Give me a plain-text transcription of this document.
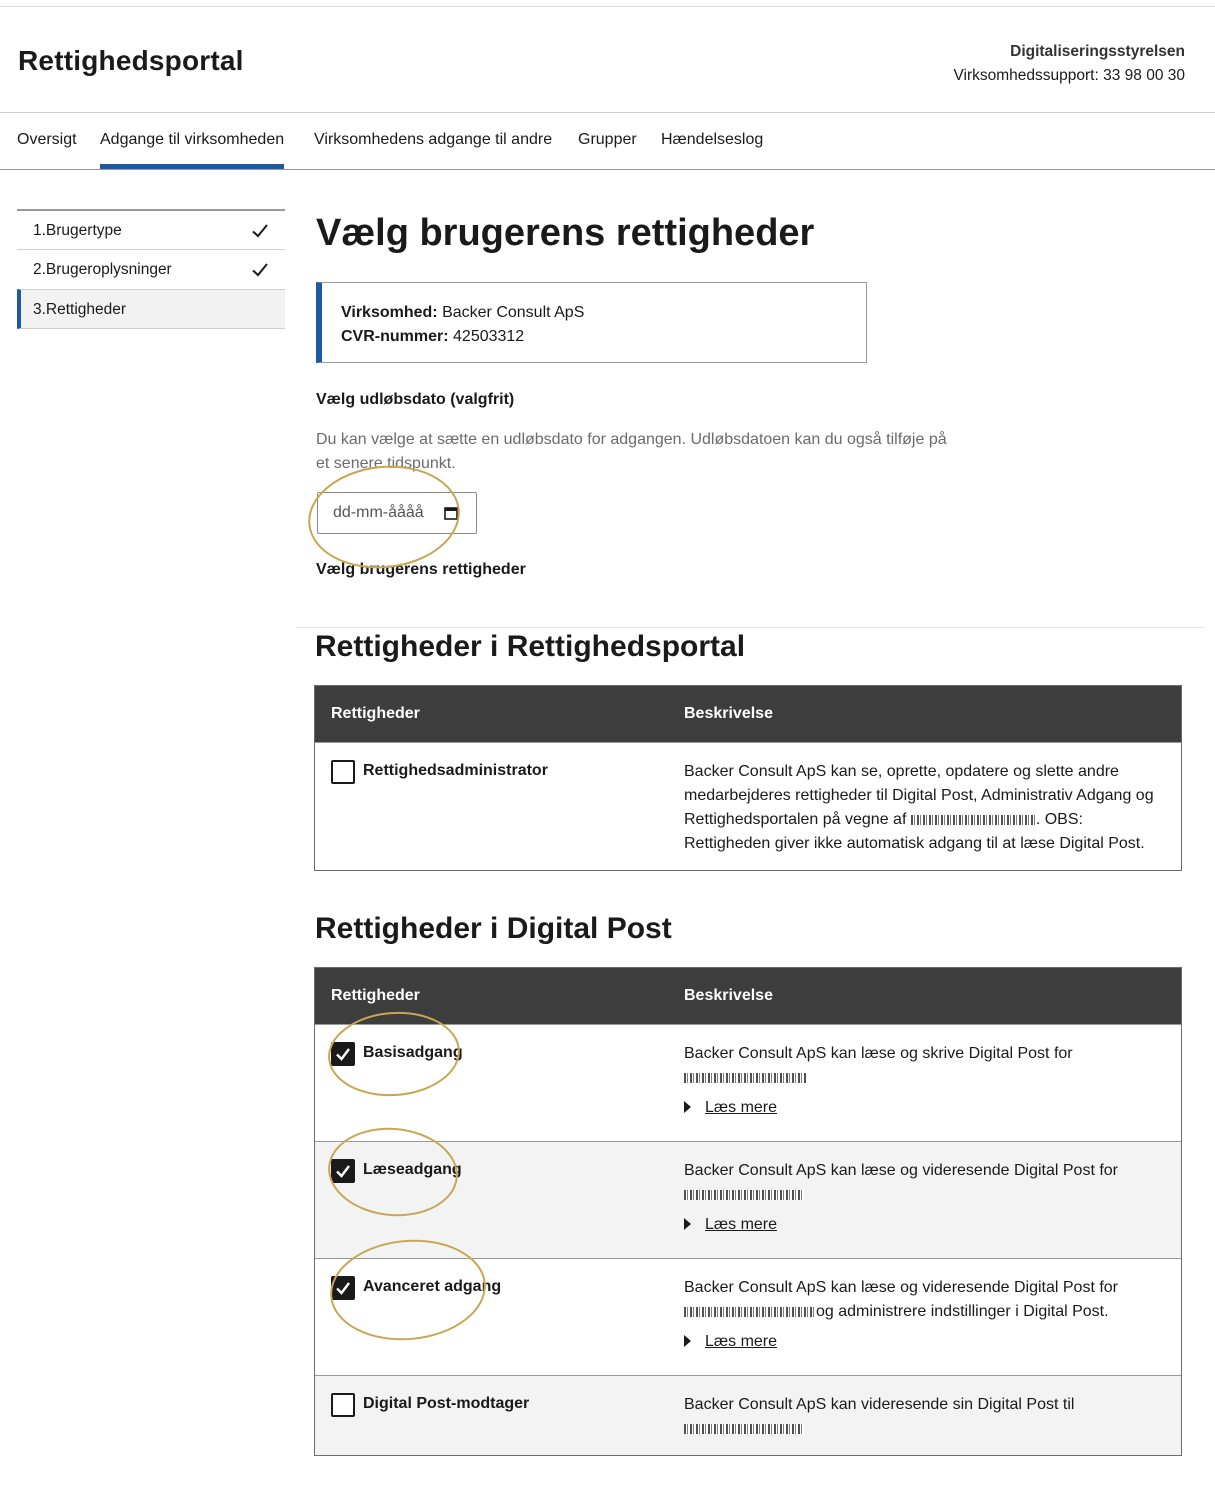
Rettighedsportal	Digitaliseringsstyrelsen
Virksomhedssupport: 33 98 00 30
Oversigt Adgange til virksomheden Virksomhedens adgange til andre Grupper Hændelseslog
1.Brugertype
2.Brugeroplysninger
3.Rettigheder
Vælg brugerens rettigheder
Virksomhed: Backer Consult ApS
CVR-nummer: 42503312
Vælg udløbsdato (valgfrit)
Du kan vælge at sætte en udløbsdato for adgangen. Udløbsdatoen kan du også tilføje på et senere tidspunkt.
dd-mm-åååå
Vælg brugerens rettigheder
Rettigheder i Rettighedsportal
Rettigheder	Beskrivelse
Rettighedsadministrator	Backer Consult ApS kan se, oprette, opdatere og slette andre medarbejderes rettigheder til Digital Post, Administrativ Adgang og Rettighedsportalen på vegne af	. OBS: Rettigheden giver ikke automatisk adgang til at læse Digital Post.
Rettigheder i Digital Post
Rettigheder	Beskrivelse
Basisadgang	Backer Consult ApS kan læse og skrive Digital Post for

Læs mere
Læseadgang	Backer Consult ApS kan læse og videresende Digital Post for

Læs mere
Avanceret adgang	Backer Consult ApS kan læse og videresende Digital Post for
og administrere indstillinger i Digital Post.
Læs mere
Digital Post-modtager	Backer Consult ApS kan videresende sin Digital Post til
